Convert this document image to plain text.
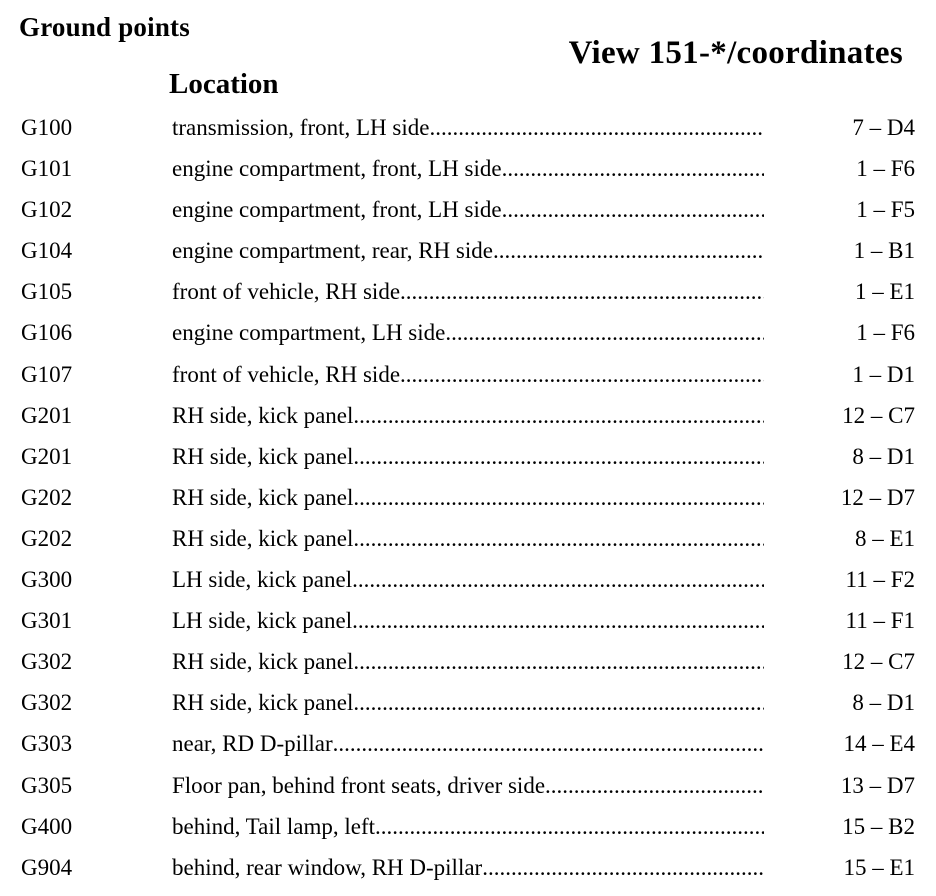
Ground points
View 151-*/coordinates
Location
G100	transmission, front, LH side .....	7 – D4
G101	engine compartment, front, LH side .....	1 – F6
G102	engine compartment, front, LH side .....	1 – F5
G104	engine compartment, rear, RH side .....	1 – B1
G105	front of vehicle, RH side .....	1 – E1
G106	engine compartment, LH side .....	1 – F6
G107	front of vehicle, RH side .....	1 – D1
G201	RH side, kick panel .....	12 – C7
G201	RH side, kick panel .....	8 – D1
G202	RH side, kick panel .....	12 – D7
G202	RH side, kick panel .....	8 – E1
G300	LH side, kick panel .....	11 – F2
G301	LH side, kick panel .....	11 – F1
G302	RH side, kick panel .....	12 – C7
G302	RH side, kick panel .....	8 – D1
G303	near, RD D-pillar .....	14 – E4
G305	Floor pan, behind front seats, driver side .....	13 – D7
G400	behind, Tail lamp, left .....	15 – B2
G904	behind, rear window, RH D-pillar .....	15 – E1
